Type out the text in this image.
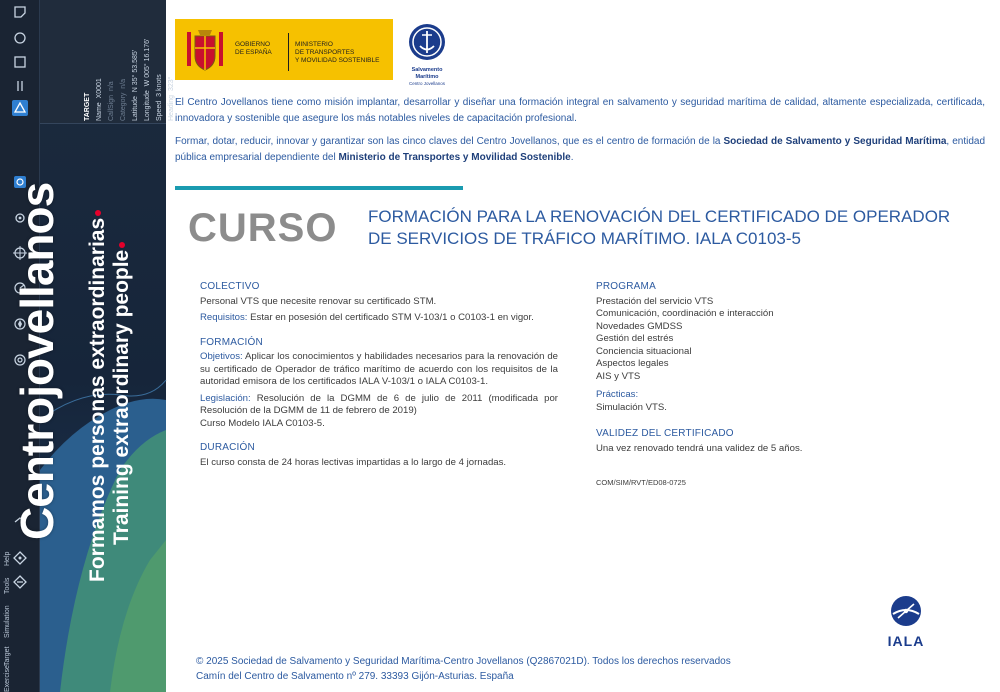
TARGET Name  X0001
CallSign  n/a
Category  n/a
Latitude  N 35° 53.585'
Longitude  W 005° 16.176'
Speed  3 knots
Heading  323°
Help
Tools
Simulation
Target
Exercise
Centrojovellanos Formamos personas extraordinarias Training extraordinary people
GOBIERNO
DE ESPAÑA
MINISTERIO
DE TRANSPORTES
Y MOVILIDAD SOSTENIBLE
Salvamento Marítimo
Centro Jovellanos

El Centro Jovellanos tiene como misión implantar, desarrollar y diseñar una formación integral en salvamento y seguridad marítima de calidad, altamente especializada, certificada, innovadora y sostenible que asegure los más notables niveles de capacitación profesional.

Formar, dotar, reducir, innovar y garantizar son las cinco claves del Centro Jovellanos, que es el centro de formación de la Sociedad de Salvamento y Seguridad Marítima, entidad pública empresarial dependiente del Ministerio de Transportes y Movilidad Sostenible.

CURSO FORMACIÓN PARA LA RENOVACIÓN DEL CERTIFICADO DE OPERADOR DE SERVICIOS DE TRÁFICO MARÍTIMO. IALA C0103-5
COLECTIVO
Personal VTS que necesite renovar su certificado STM.
Requisitos: Estar en posesión del certificado STM V-103/1 o C0103-1 en vigor.
FORMACIÓN
Objetivos: Aplicar los conocimientos y habilidades necesarios para la renovación de su certificado de Operador de tráfico marítimo de acuerdo con los requisitos de la autoridad emisora de los certificados IALA V-103/1 o IALA C0103-1.
Legislación: Resolución de la DGMM de 6 de julio de 2011 (modificada por Resolución de la DGMM de 11 de febrero de 2019)
Curso Modelo IALA C0103-5.
DURACIÓN
El curso consta de 24 horas lectivas impartidas a lo largo de 4 jornadas.
PROGRAMA
Prestación del servicio VTS
Comunicación, coordinación e interacción
Novedades GMDSS
Gestión del estrés
Conciencia situacional
Aspectos legales
AIS y VTS
Prácticas:
Simulación VTS.
VALIDEZ DEL CERTIFICADO
Una vez renovado tendrá una validez de 5 años.
COM/SIM/RVT/ED08-0725
IALA
© 2025 Sociedad de Salvamento y Seguridad Marítima-Centro Jovellanos (Q2867021D). Todos los derechos reservados
Camín del Centro de Salvamento nº 279. 33393 Gijón-Asturias. España
